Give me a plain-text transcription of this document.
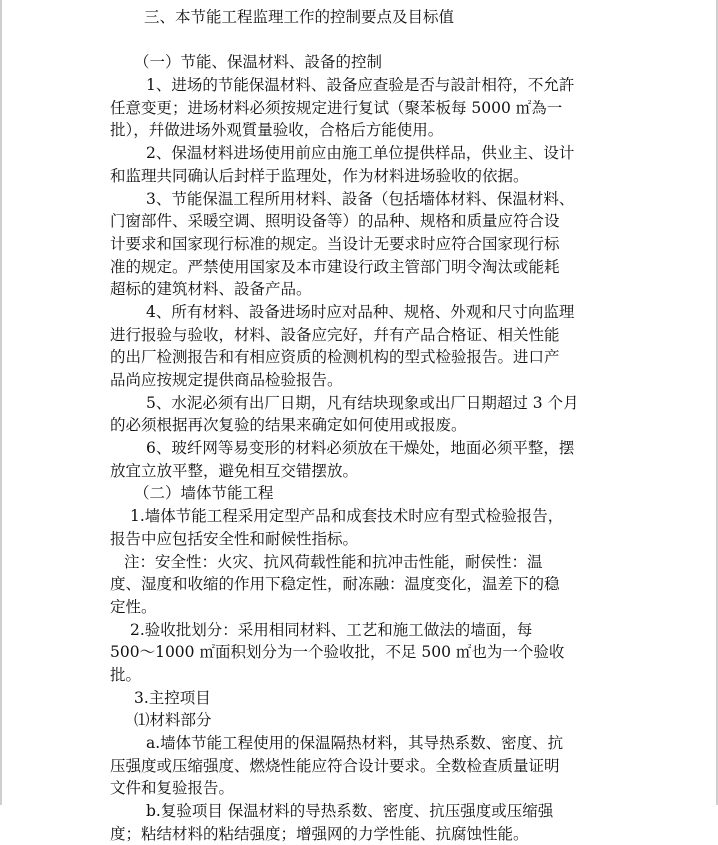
三、本节能工程监理工作的控制要点及目标值
（一）节能、保温材料、設备的控制
1、进场的节能保温材料、設备应查验是否与設計相符，不允許
任意变更；进场材料必须按规定进行复试（聚苯板每 5000 ㎡為一
批），幷做进场外观質量验收，合格后方能使用。
2、保温材料进场使用前应由施工单位提供样品，供业主、设计
和监理共同确认后封样于监理处，作为材料进场验收的依据。
3、节能保温工程所用材料、設备（包括墻体材料、保温材料、
门窗部件、采暖空调、照明设备等）的品种、规格和质量应符合设
计要求和国家现行标准的规定。当设计无要求时应符合国家现行标
准的规定。严禁使用国家及本市建设行政主管部门明令淘汰或能耗
超标的建筑材料、設备产品。
4、所有材料、設备进场时应对品种、规格、外观和尺寸向监理
进行报验与验收，材料、設备应完好，幷有产品合格证、相关性能
的出厂检测报告和有相应资质的检测机构的型式检验报告。进口产
品尚应按规定提供商品检验报告。
5、水泥必须有出厂日期，凡有结块现象或出厂日期超过 3 个月
的必须根据再次复验的结果来确定如何使用或报废。
6、玻纤网等易变形的材料必须放在干燥处，地面必须平整，摆
放宜立放平整，避免相互交错摆放。
（二）墙体节能工程
1.墙体节能工程采用定型产品和成套技术时应有型式检验报告，
报告中应包括安全性和耐候性指标。
注：安全性：火灾、抗风荷载性能和抗冲击性能，耐侯性：温
度、湿度和收缩的作用下稳定性，耐冻融：温度变化，温差下的稳
定性。
2.验收批划分：采用相同材料、工艺和施工做法的墙面，每
500～1000 ㎡面积划分为一个验收批，不足 500 ㎡也为一个验收
批。
3.主控项目
⑴材料部分
a.墙体节能工程使用的保温隔热材料，其导热系数、密度、抗
压强度或压缩强度、燃烧性能应符合设计要求。全数检查质量证明
文件和复验报告。
b.复验项目 保温材料的导热系数、密度、抗压强度或压缩强
度；粘结材料的粘结强度；增强网的力学性能、抗腐蚀性能。
